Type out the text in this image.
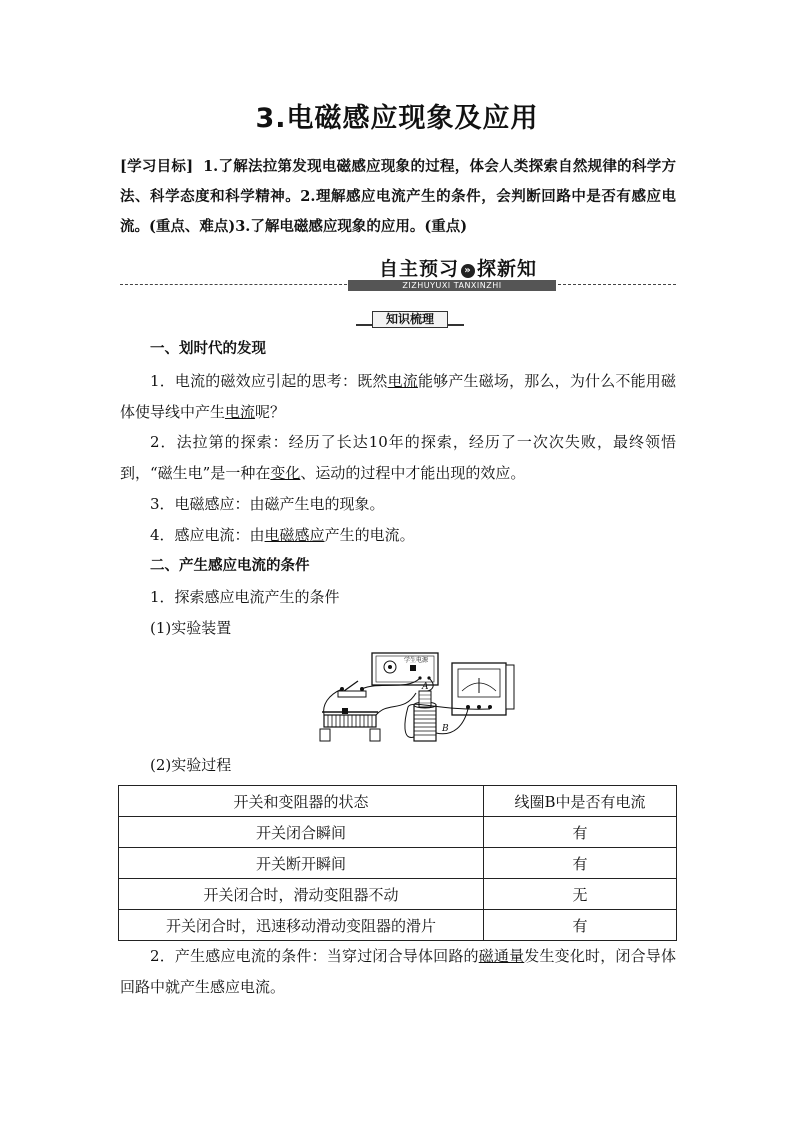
3.电磁感应现象及应用
[学习目标] 1.了解法拉第发现电磁感应现象的过程，体会人类探索自然规律的科学方法、科学态度和科学精神。2.理解感应电流产生的条件，会判断回路中是否有感应电流。(重点、难点)3.了解电磁感应现象的应用。(重点)
自主预习 » 探新知
ZIZHUYUXI TANXINZHI
知识梳理
一、划时代的发现
1．电流的磁效应引起的思考：既然电流能够产生磁场，那么，为什么不能用磁体使导线中产生电流呢？
2．法拉第的探索：经历了长达10年的探索，经历了一次次失败，最终领悟到，“磁生电”是一种在变化、运动的过程中才能出现的效应。
3．电磁感应：由磁产生电的现象。
4．感应电流：由电磁感应产生的电流。
二、产生感应电流的条件
1．探索感应电流产生的条件
(1)实验装置
(2)实验过程
2．产生感应电流的条件：当穿过闭合导体回路的磁通量发生变化时，闭合导体回路中就产生感应电流。
学生电源
B
A
开关和变阻器的状态	线圈B中是否有电流
开关闭合瞬间	有
开关断开瞬间	有
开关闭合时，滑动变阻器不动	无
开关闭合时，迅速移动滑动变阻器的滑片	有
